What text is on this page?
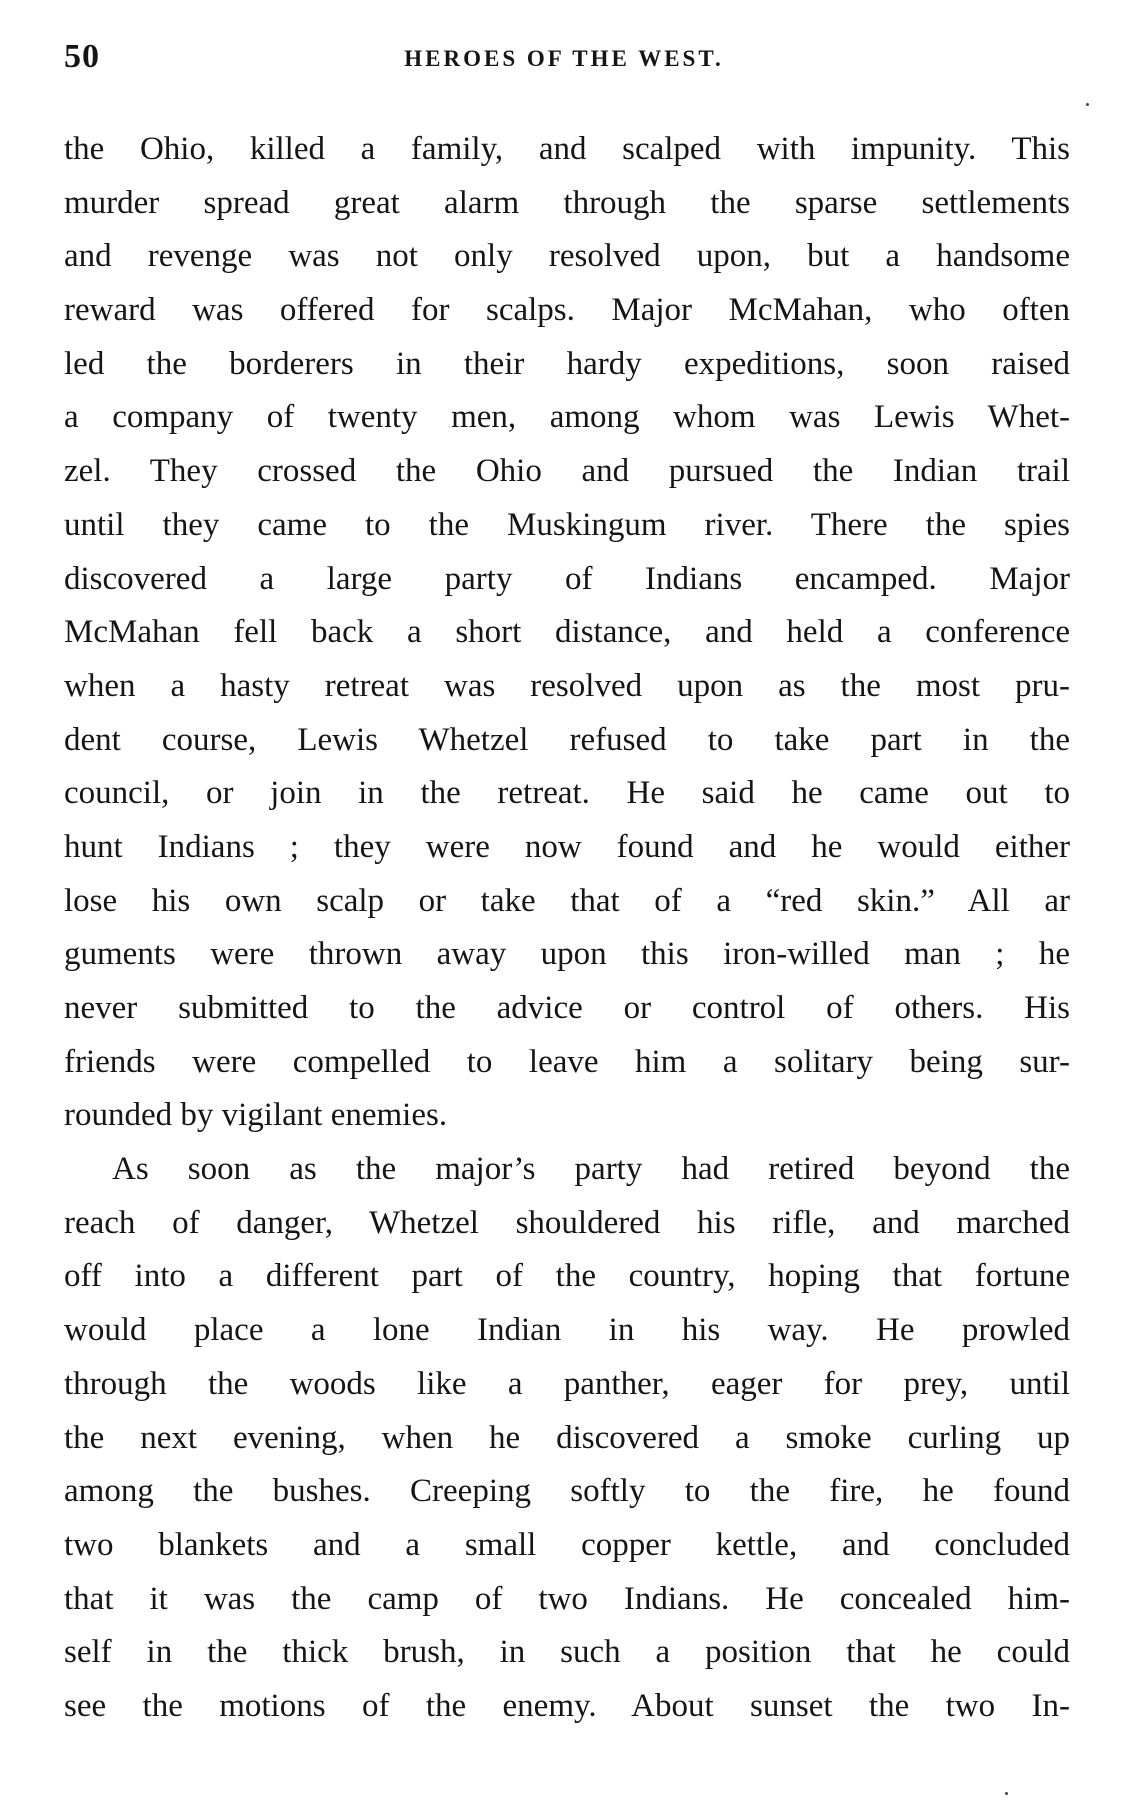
50	HEROES OF THE WEST.
the Ohio, killed a family, and scalped with impunity. This
murder spread great alarm through the sparse settlements
and revenge was not only resolved upon, but a handsome
reward was offered for scalps. Major McMahan, who often
led the borderers in their hardy expeditions, soon raised
a company of twenty men, among whom was Lewis Whet-
zel. They crossed the Ohio and pursued the Indian trail
until they came to the Muskingum river. There the spies
discovered a large party of Indians encamped. Major
McMahan fell back a short distance, and held a conference
when a hasty retreat was resolved upon as the most pru-
dent course, Lewis Whetzel refused to take part in the
council, or join in the retreat. He said he came out to
hunt Indians ; they were now found and he would either
lose his own scalp or take that of a “red skin.” All ar
guments were thrown away upon this iron-willed man ; he
never submitted to the advice or control of others. His
friends were compelled to leave him a solitary being sur-
rounded by vigilant enemies.
As soon as the major’s party had retired beyond the
reach of danger, Whetzel shouldered his rifle, and marched
off into a different part of the country, hoping that fortune
would place a lone Indian in his way. He prowled
through the woods like a panther, eager for prey, until
the next evening, when he discovered a smoke curling up
among the bushes. Creeping softly to the fire, he found
two blankets and a small copper kettle, and concluded
that it was the camp of two Indians. He concealed him-
self in the thick brush, in such a position that he could
see the motions of the enemy. About sunset the two In-
